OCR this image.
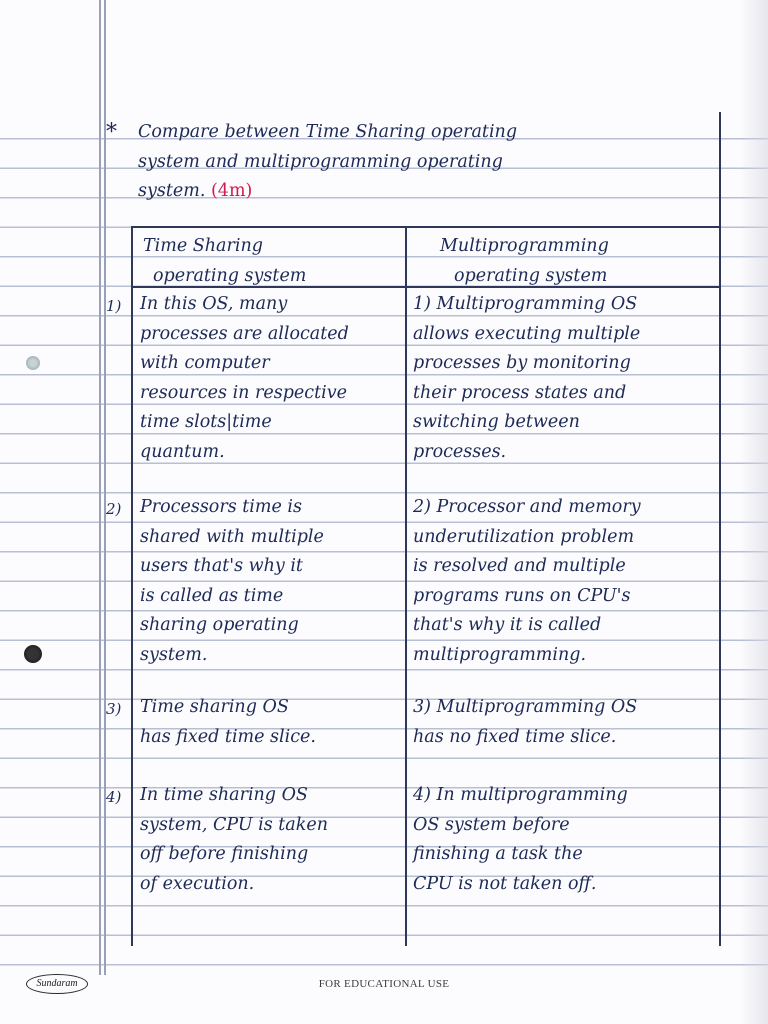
* Compare between Time Sharing operating
system and multiprogramming operating
system. (4m)
Time Sharing
operating system
Multiprogramming
operating system
1) In this OS, many
processes are allocated
with computer
resources in respective
time slots|time
quantum.
1) Multiprogramming OS
allows executing multiple
processes by monitoring
their process states and
switching between
processes.
2) Processors time is
shared with multiple
users that's why it
is called as time
sharing operating
system.
2) Processor and memory
underutilization problem
is resolved and multiple
programs runs on CPU's
that's why it is called
multiprogramming.
3) Time sharing OS
has fixed time slice.
3) Multiprogramming OS
has no fixed time slice.
4) In time sharing OS
system, CPU is taken
off before finishing
of execution.
4) In multiprogramming
OS system before
finishing a task the
CPU is not taken off.
Sundaram	FOR EDUCATIONAL USE
